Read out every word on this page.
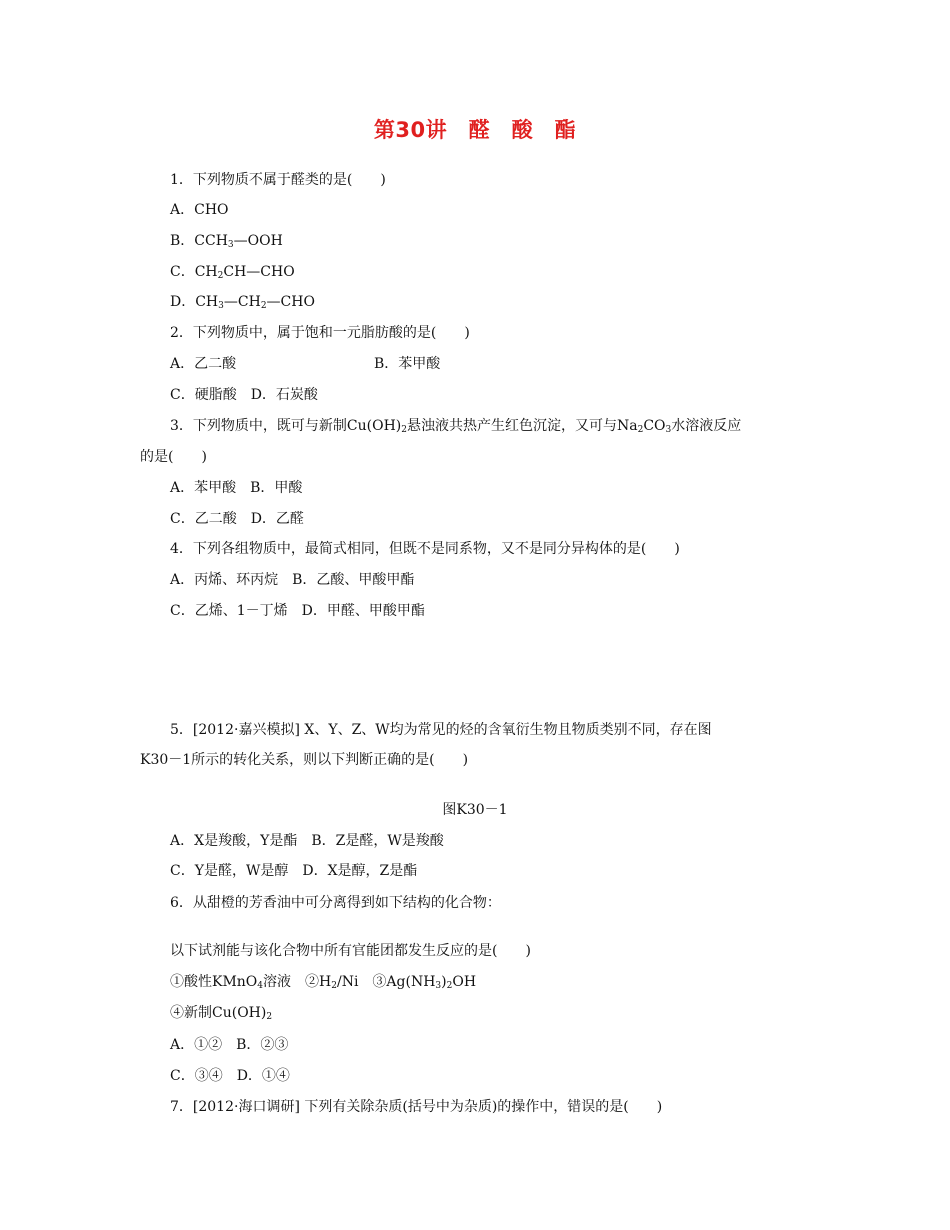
第30讲　醛　酸　酯
1．下列物质不属于醛类的是(　　)
A．CHO
B．$CCH_3—OOH$
C．$CH_2CH—CHO$
D．$CH_3—CH_2—CHO$
2．下列物质中，属于饱和一元脂肪酸的是(　　)
A．乙二酸	B．苯甲酸
C．硬脂酸　D．石炭酸
3．下列物质中，既可与新制$Cu(OH)_2$悬浊液共热产生红色沉淀，又可与$Na_2CO_3$水溶液反应
的是(　　)
A．苯甲酸　B．甲酸
C．乙二酸　D．乙醛
4．下列各组物质中，最简式相同，但既不是同系物，又不是同分异构体的是(　　)
A．丙烯、环丙烷　B．乙酸、甲酸甲酯
C．乙烯、1－丁烯　D．甲醛、甲酸甲酯
5．[2012·嘉兴模拟] X、Y、Z、W均为常见的烃的含氧衍生物且物质类别不同，存在图
K30－1所示的转化关系，则以下判断正确的是(　　)
图K30－1
A．X是羧酸，Y是酯　B．Z是醛，W是羧酸
C．Y是醛，W是醇　D．X是醇，Z是酯
6．从甜橙的芳香油中可分离得到如下结构的化合物：
以下试剂能与该化合物中所有官能团都发生反应的是(　　)
①酸性KMnO$_4$溶液　$②H_2/Ni$　$③Ag(NH_3)_2OH$
④新制$Cu(OH)_2$
A．①②　B．②③
C．③④　D．①④
7．[2012·海口调研] 下列有关除杂质(括号中为杂质)的操作中，错误的是(　　)
